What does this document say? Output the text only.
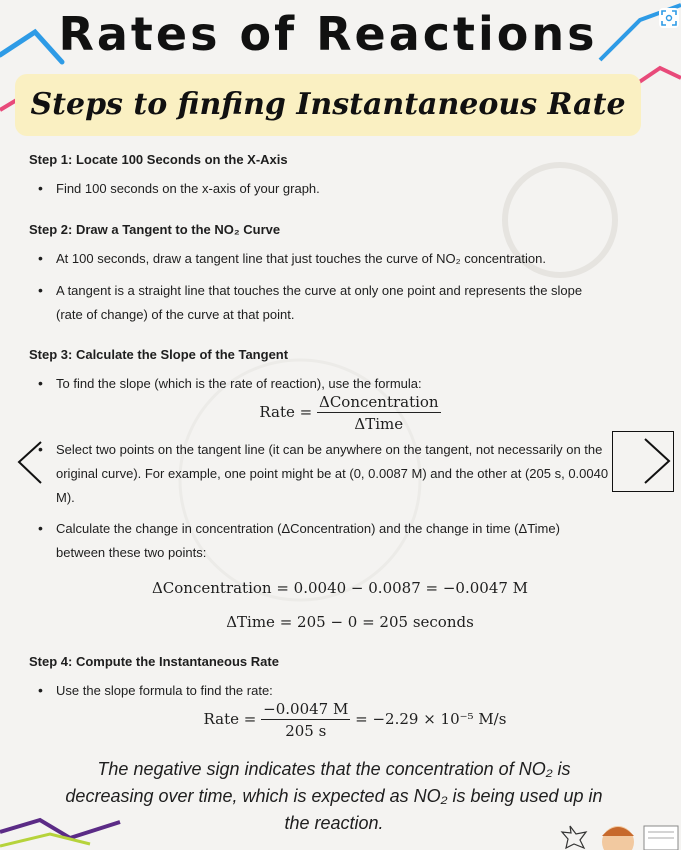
Rates of Reactions
Steps to finfing Instantaneous Rate
Step 1: Locate 100 Seconds on the X-Axis
• Find 100 seconds on the x-axis of your graph.
Step 2: Draw a Tangent to the NO₂ Curve
• At 100 seconds, draw a tangent line that just touches the curve of NO₂ concentration.
• A tangent is a straight line that touches the curve at only one point and represents the slope
(rate of change) of the curve at that point.
Step 3: Calculate the Slope of the Tangent
• To find the slope (which is the rate of reaction), use the formula:
Rate = $\frac{\text{ΔConcentration}}{\text{ΔTime}}$
• Select two points on the tangent line (it can be anywhere on the tangent, not necessarily on the
original curve). For example, one point might be at (0, 0.0087 M) and the other at (205 s, 0.0040
M).
• Calculate the change in concentration (ΔConcentration) and the change in time (ΔTime)
between these two points:
ΔConcentration = 0.0040 − 0.0087 = −0.0047 M
ΔTime = 205 − 0 = 205 seconds
Step 4: Compute the Instantaneous Rate
• Use the slope formula to find the rate:
Rate = $\frac{-0.0047 M}{205 s} = -2.29 \times 10^{-5}$ M/s
The negative sign indicates that the concentration of NO₂ is
decreasing over time, which is expected as NO₂ is being used up in
the reaction.
